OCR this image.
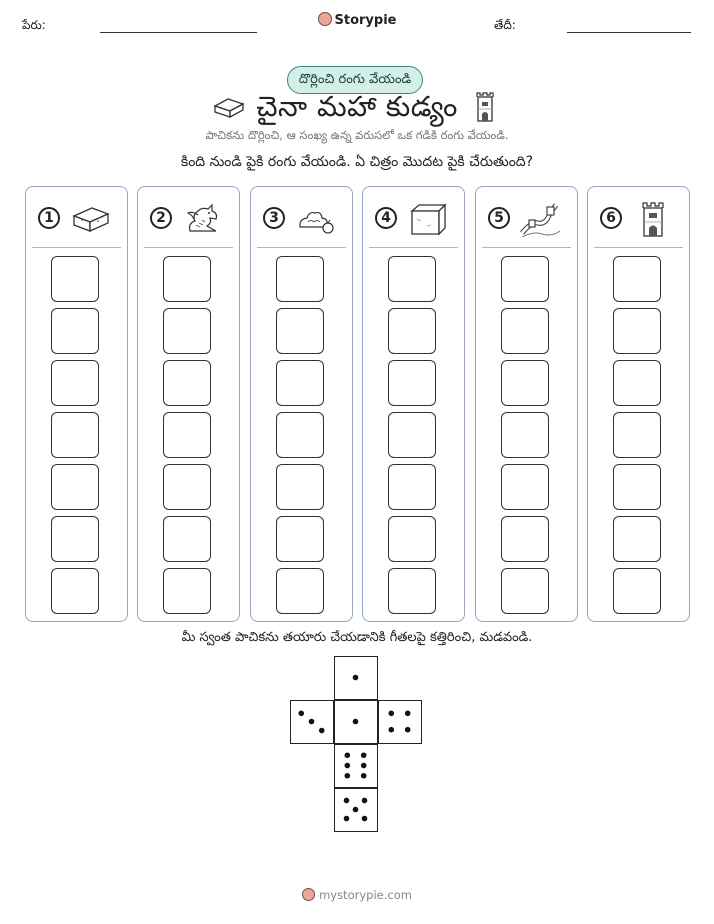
పేరు:	Storypie	తేదీ:
దొర్లించి రంగు వేయండి
చైనా మహా కుడ్యం
పాచికను దొర్లించి, ఆ సంఖ్య ఉన్న వరుసలో ఒక గడికి రంగు వేయండి.
కింది నుండి పైకి రంగు వేయండి. ఏ చిత్రం మొదట పైకి చేరుతుంది?
1	2	3	4	5	6
మీ స్వంత పాచికను తయారు చేయడానికి గీతలపై కత్తిరించి, మడవండి.
mystorypie.com
